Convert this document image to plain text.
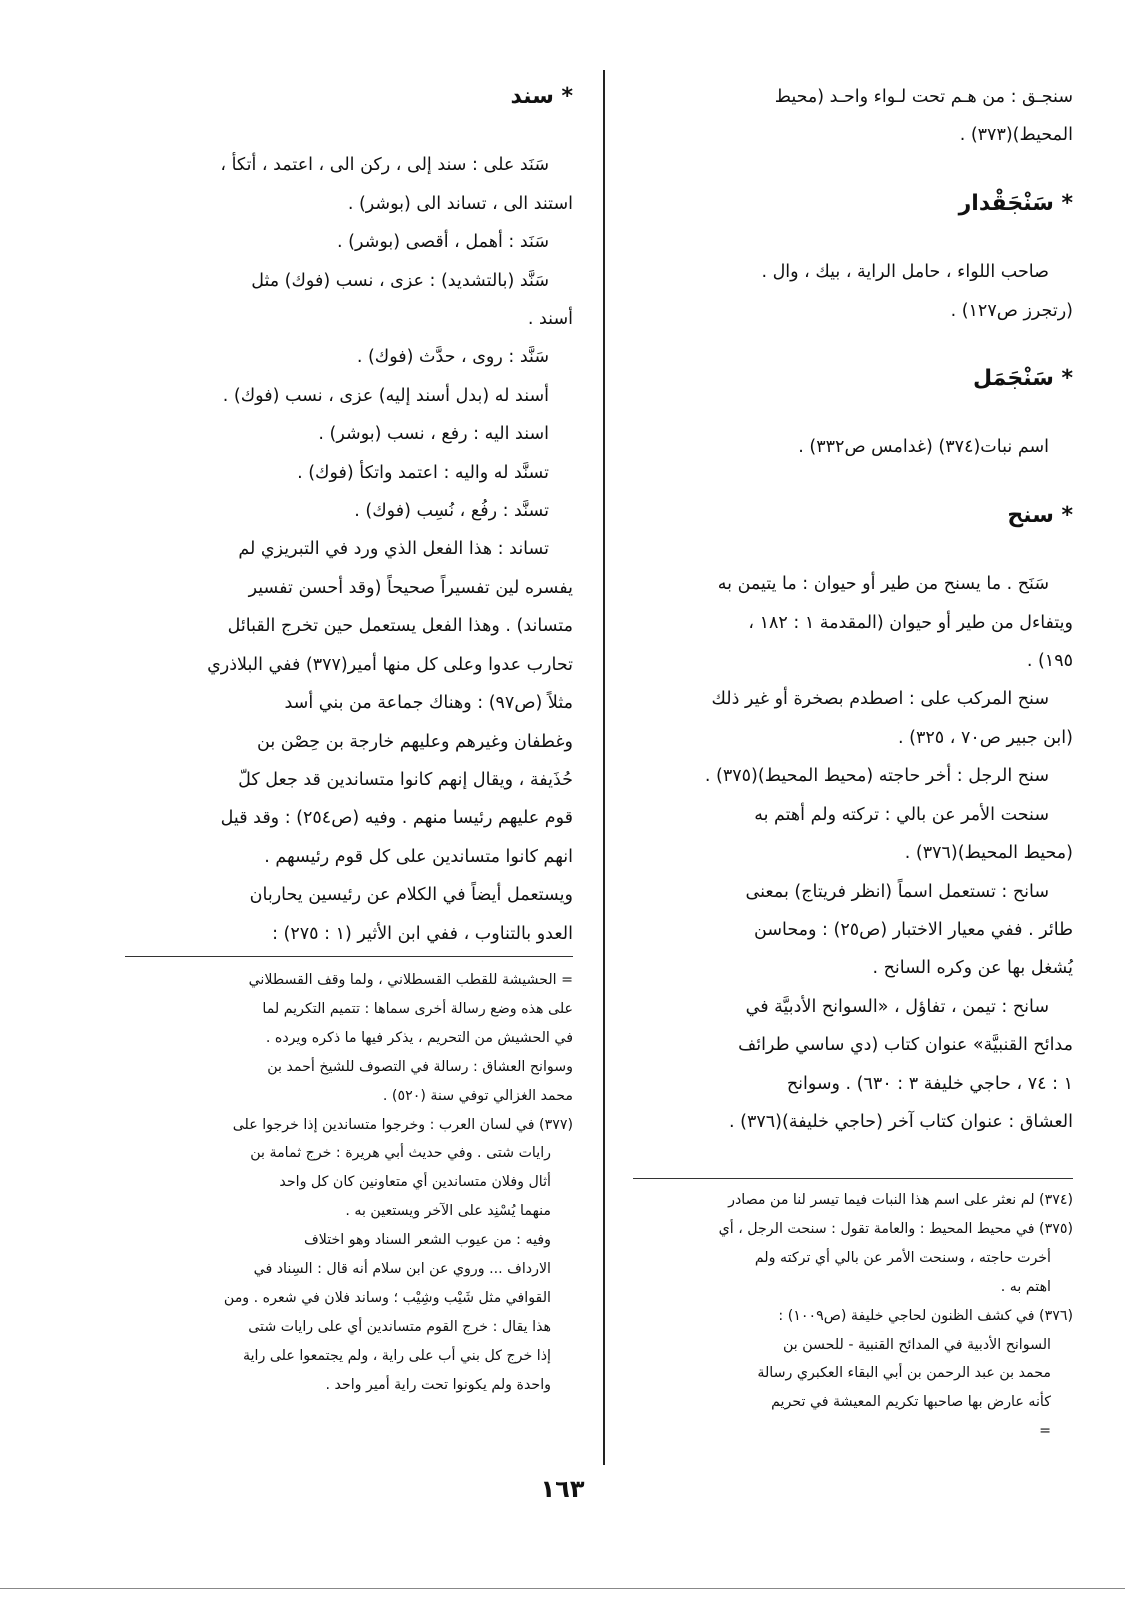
سنجـق : من هـم تحت لـواء واحـد (محيط

المحيط)(٣٧٣) .

* سَنْجَقْدار

صاحب اللواء ، حامل الراية ، بيك ، وال .

(رتجرز ص١٢٧) .

* سَنْجَمَل

اسم نبات(٣٧٤) (غدامس ص٣٣٢) .

* سنح

سَنَح . ما يسنح من طير أو حيوان : ما يتيمن به

ويتفاءل من طير أو حيوان (المقدمة ١ : ١٨٢ ،

١٩٥) .

سنح المركب على : اصطدم بصخرة أو غير ذلك

(ابن جبير ص٧٠ ، ٣٢٥) .

سنح الرجل : أخر حاجته (محيط المحيط)(٣٧٥) .

سنحت الأمر عن بالي : تركته ولم أهتم به

(محيط المحيط)(٣٧٦) .

سانح : تستعمل اسماً (انظر فريتاج) بمعنى

طائر . ففي معيار الاختبار (ص٢٥) : ومحاسن

يُشغل بها عن وكره السانح .

سانح : تيمن ، تفاؤل ، «السوانح الأدبيَّة في

مدائح القنبيَّة» عنوان كتاب (دي ساسي طرائف

١ : ٧٤ ، حاجي خليفة ٣ : ٦٣٠) . وسوانح

العشاق : عنوان كتاب آخر (حاجي خليفة)(٣٧٦) .

(٣٧٤) لم نعثر على اسم هذا النبات فيما تيسر لنا من مصادر

(٣٧٥) في محيط المحيط : والعامة تقول : سنحت الرجل ، أي

أخرت حاجته ، وسنحت الأمر عن بالي أي تركته ولم

اهتم به .

(٣٧٦) في كشف الظنون لحاجي خليفة (ص١٠٠٩) :

السوانح الأدبية في المدائح القنبية - للحسن بن

محمد بن عبد الرحمن بن أبي البقاء العكبري رسالة

كأنه عارض بها صاحبها تكريم المعيشة في تحريم

=

* سند

سَنَد على : سند إلى ، ركن الى ، اعتمد ، أتكأ ،

استند الى ، تساند الى (بوشر) .

سَنَد : أهمل ، أقصى (بوشر) .

سَنَّد (بالتشديد) : عزى ، نسب (فوك) مثل

أسند .

سَنَّد : روى ، حدَّث (فوك) .

أسند له (بدل أسند إليه) عزى ، نسب (فوك) .

اسند اليه : رفع ، نسب (بوشر) .

تسنَّد له واليه : اعتمد واتكأ (فوك) .

تسنَّد : رفُع ، نُسِب (فوك) .

تساند : هذا الفعل الذي ورد في التبريزي لم

يفسره لين تفسيراً صحيحاً (وقد أحسن تفسير

متساند) . وهذا الفعل يستعمل حين تخرج القبائل

تحارب عدوا وعلى كل منها أمير(٣٧٧) ففي البلاذري

مثلاً (ص٩٧) : وهناك جماعة من بني أسد

وغطفان وغيرهم وعليهم خارجة بن حِصْن بن

حُذَيفة ، ويقال إنهم كانوا متساندين قد جعل كلّ

قوم عليهم رئيسا منهم . وفيه (ص٢٥٤) : وقد قيل

انهم كانوا متساندين على كل قوم رئيسهم .

ويستعمل أيضاً في الكلام عن رئيسين يحاربان

العدو بالتناوب ، ففي ابن الأثير (١ : ٢٧٥) :

= الحشيشة للقطب القسطلاني ، ولما وقف القسطلاني

على هذه وضع رسالة أخرى سماها : تتميم التكريم لما

في الحشيش من التحريم ، يذكر فيها ما ذكره ويرده .

وسوانح العشاق : رسالة في التصوف للشيخ أحمد بن

محمد الغزالي توفي سنة (٥٢٠) .

(٣٧٧) في لسان العرب : وخرجوا متساندين إذا خرجوا على

رايات شتى . وفي حديث أبي هريرة : خرج ثمامة بن

أثال وفلان متساندين أي متعاونين كان كل واحد

منهما يُسْنِد على الآخر ويستعين به .

وفيه : من عيوب الشعر السناد وهو اختلاف

الارداف ... وروي عن ابن سلام أنه قال : السِناد في

القوافي مثل شَيْب وشِيْب ؛ وساند فلان في شعره . ومن

هذا يقال : خرج القوم متساندين أي على رايات شتى

إذا خرج كل بني أب على راية ، ولم يجتمعوا على راية

واحدة ولم يكونوا تحت راية أمير واحد .

١٦٣
